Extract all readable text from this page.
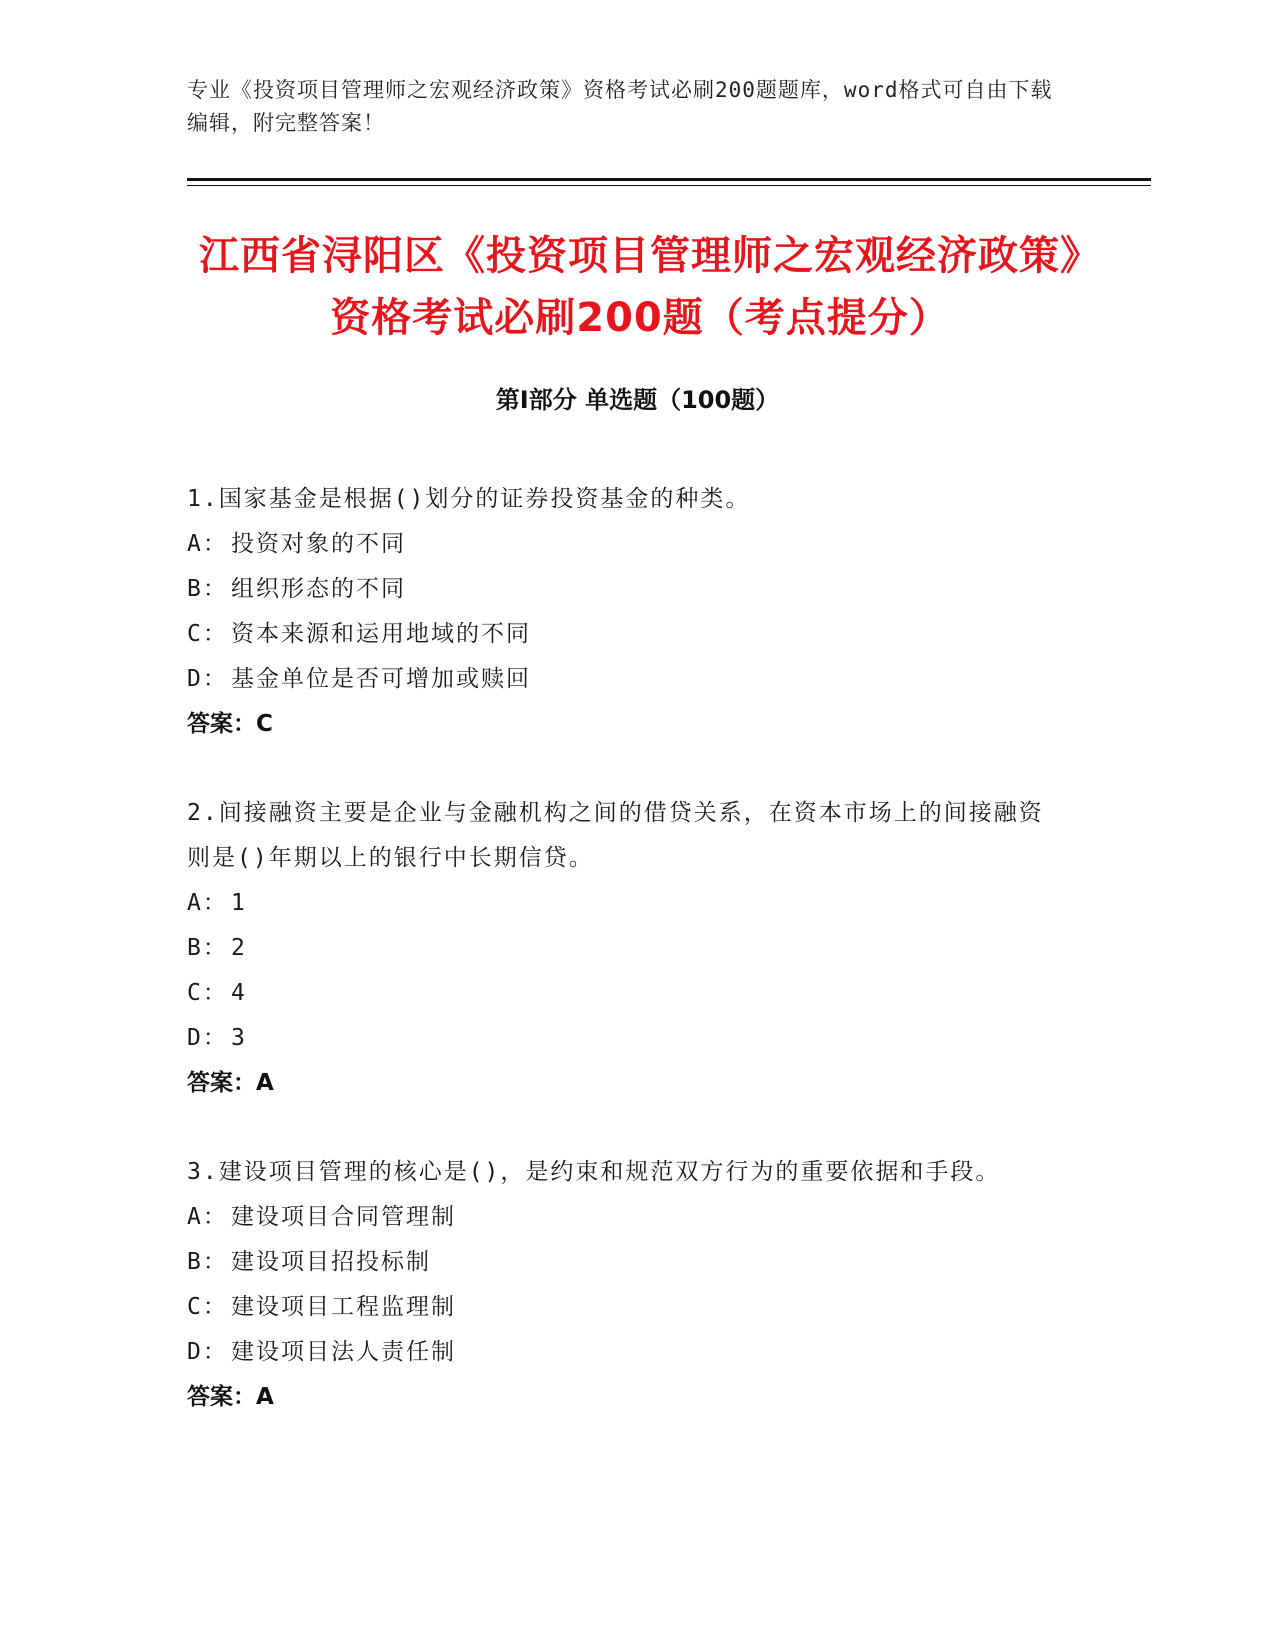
专业《投资项目管理师之宏观经济政策》资格考试必刷200题题库，word格式可自由下载编辑，附完整答案！
江西省浔阳区《投资项目管理师之宏观经济政策》资格考试必刷200题（考点提分）
第Ⅰ部分 单选题（100题）

1.国家基金是根据()划分的证券投资基金的种类。

A： 投资对象的不同

B： 组织形态的不同

C： 资本来源和运用地域的不同

D： 基金单位是否可增加或赎回

答案：C

2.间接融资主要是企业与金融机构之间的借贷关系，在资本市场上的间接融资则是()年期以上的银行中长期信贷。

A： 1

B： 2

C： 4

D： 3

答案：A

3.建设项目管理的核心是()，是约束和规范双方行为的重要依据和手段。

A： 建设项目合同管理制

B： 建设项目招投标制

C： 建设项目工程监理制

D： 建设项目法人责任制

答案：A
